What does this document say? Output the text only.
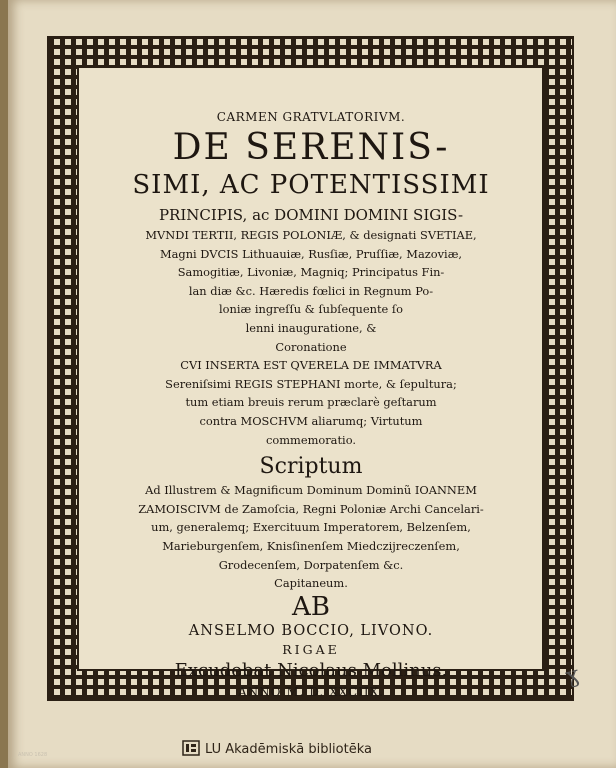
CARMEN GRATVLATORIVM.
DE SERENIS-
SIMI, AC POTENTISSIMI
PRINCIPIS, ac DOMINI DOMINI SIGIS-
MVNDI TERTII, REGIS POLONIÆ, & designati SVETIAE,
Magni DVCIS Lithuauiæ, Rusſiæ, Pruſſiæ, Mazoviæ,
Samogitiæ, Livoniæ, Magniq; Principatus Fin-
lan diæ &c. Hæredis fœlici in Regnum Po-
loniæ ingreſſu & ſubſequente ſo
lenni inauguratione, &
Coronatione
CVI INSERTA EST QVERELA DE IMMATVRA
Sereniſsimi REGIS STEPHANI morte, & ſepultura;
tum etiam breuis rerum præclarè geſtarum
contra MOSCHVM aliarumq; Virtutum
commemoratio.
Scriptum
Ad Illustrem & Magnificum Dominum Dominũ IOANNEM
ZAMOISCIVM de Zamoſcia, Regni Poloniæ Archi Cancelari-
um, generalemq; Exercituum Imperatorem, Belzenſem,
Marieburgenſem, Knisſinenſem Miedczijreczenſem,
Grodecenſem, Dorpatenſem &c.
Capitaneum.
AB
ANSELMO BOCCIO, LIVONO.
RIGAE
Excudebat Nicolaus Mollinus.
ANNO M. D. XXCIIX.
ɣ
LU Akadēmiskā bibliotēka
ANNO 1628
